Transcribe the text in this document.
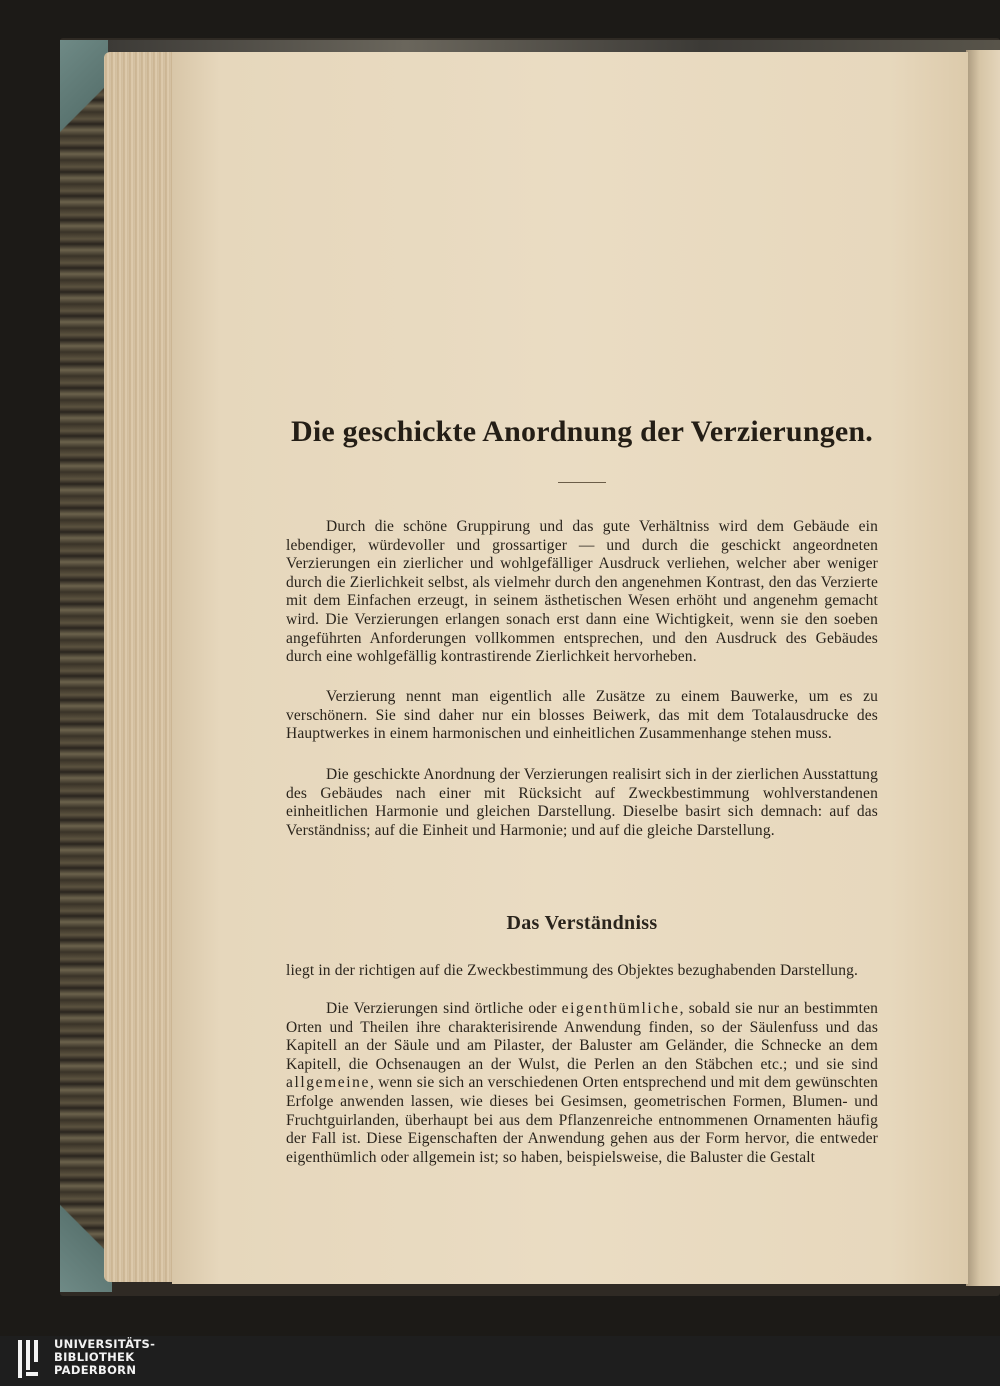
Die geschickte Anordnung der Verzierungen.

Durch die schöne Gruppirung und das gute Verhältniss wird dem Gebäude ein lebendiger, würdevoller und grossartiger — und durch die geschickt angeordneten Verzierungen ein zierlicher und wohlgefälliger Ausdruck verliehen, welcher aber weniger durch die Zierlichkeit selbst, als vielmehr durch den angenehmen Kontrast, den das Verzierte mit dem Einfachen erzeugt, in seinem ästhetischen Wesen erhöht und angenehm gemacht wird. Die Verzierungen erlangen sonach erst dann eine Wichtigkeit, wenn sie den soeben angeführten Anforderungen vollkommen entsprechen, und den Ausdruck des Gebäudes durch eine wohlgefällig kontrastirende Zierlichkeit hervorheben.

Verzierung nennt man eigentlich alle Zusätze zu einem Bauwerke, um es zu verschönern. Sie sind daher nur ein blosses Beiwerk, das mit dem Totalausdrucke des Hauptwerkes in einem harmonischen und einheitlichen Zusammenhange stehen muss.

Die geschickte Anordnung der Verzierungen realisirt sich in der zierlichen Ausstattung des Gebäudes nach einer mit Rücksicht auf Zweckbestimmung wohlverstandenen einheitlichen Harmonie und gleichen Darstellung. Dieselbe basirt sich demnach: auf das Verständniss; auf die Einheit und Harmonie; und auf die gleiche Darstellung.

Das Verständniss

liegt in der richtigen auf die Zweckbestimmung des Objektes bezughabenden Darstellung.

Die Verzierungen sind örtliche oder eigenthümliche, sobald sie nur an bestimmten Orten und Theilen ihre charakterisirende Anwendung finden, so der Säulenfuss und das Kapitell an der Säule und am Pilaster, der Baluster am Geländer, die Schnecke an dem Kapitell, die Ochsenaugen an der Wulst, die Perlen an den Stäbchen etc.; und sie sind allgemeine, wenn sie sich an verschiedenen Orten entsprechend und mit dem gewünschten Erfolge anwenden lassen, wie dieses bei Gesimsen, geometrischen Formen, Blumen- und Fruchtguirlanden, überhaupt bei aus dem Pflanzenreiche entnommenen Ornamenten häufig der Fall ist. Diese Eigenschaften der Anwendung gehen aus der Form hervor, die entweder eigenthümlich oder allgemein ist; so haben, beispielsweise, die Baluster die Gestalt

UNIVERSITÄTS-
BIBLIOTHEK
PADERBORN
